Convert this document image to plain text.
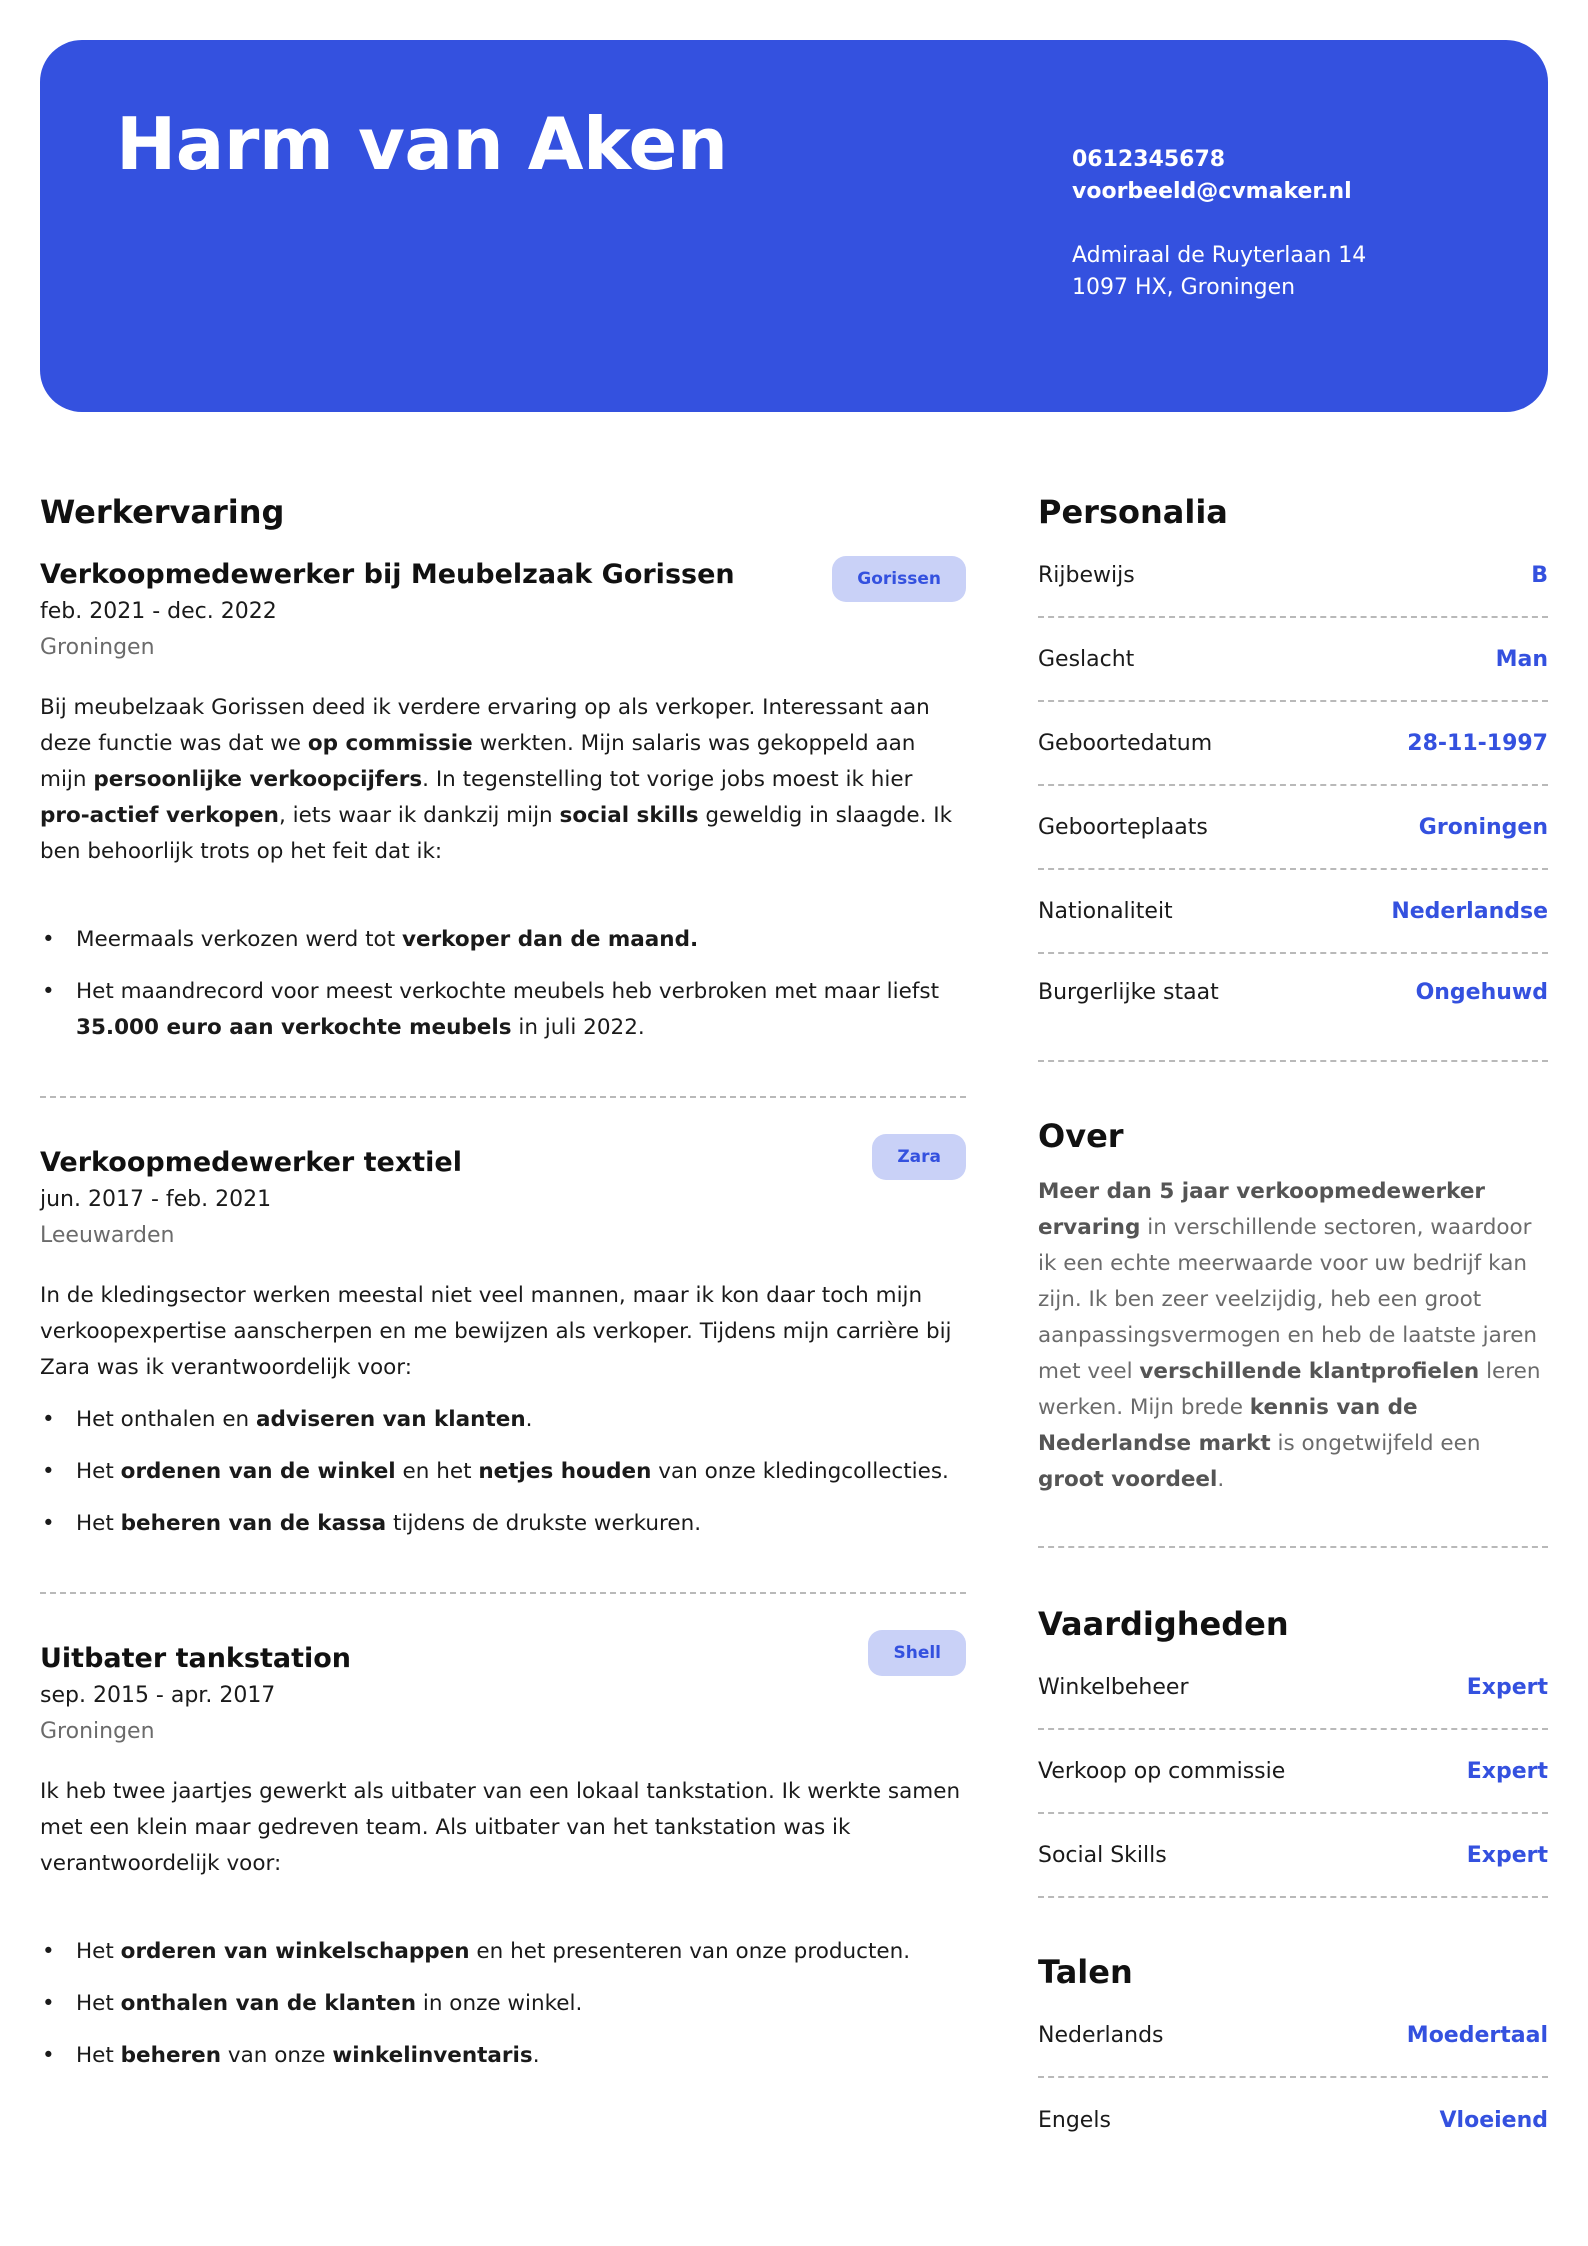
Harm van Aken	0612345678
voorbeeld@cvmaker.nl
Admiraal de Ruyterlaan 14
1097 HX, Groningen
Werkervaring
Verkoopmedewerker bij Meubelzaak Gorissen	Gorissen
feb. 2021 - dec. 2022
Groningen

Bij meubelzaak Gorissen deed ik verdere ervaring op als verkoper. Interessant aan deze functie was dat we op commissie werkten. Mijn salaris was gekoppeld aan mijn persoonlijke verkoopcijfers. In tegenstelling tot vorige jobs moest ik hier pro-actief verkopen, iets waar ik dankzij mijn social skills geweldig in slaagde. Ik ben behoorlijk trots op het feit dat ik:

• Meermaals verkozen werd tot verkoper dan de maand.
• Het maandrecord voor meest verkochte meubels heb verbroken met maar liefst 35.000 euro aan verkochte meubels in juli 2022.
Verkoopmedewerker textiel	Zara
jun. 2017 - feb. 2021
Leeuwarden

In de kledingsector werken meestal niet veel mannen, maar ik kon daar toch mijn verkoopexpertise aanscherpen en me bewijzen als verkoper. Tijdens mijn carrière bij Zara was ik verantwoordelijk voor:

• Het onthalen en adviseren van klanten.
• Het ordenen van de winkel en het netjes houden van onze kledingcollecties.
• Het beheren van de kassa tijdens de drukste werkuren.
Uitbater tankstation	Shell
sep. 2015 - apr. 2017
Groningen

Ik heb twee jaartjes gewerkt als uitbater van een lokaal tankstation. Ik werkte samen met een klein maar gedreven team. Als uitbater van het tankstation was ik verantwoordelijk voor:

• Het orderen van winkelschappen en het presenteren van onze producten.
• Het onthalen van de klanten in onze winkel.
• Het beheren van onze winkelinventaris.
Personalia
Rijbewijs	B
Geslacht	Man
Geboortedatum	28-11-1997
Geboorteplaats	Groningen
Nationaliteit	Nederlandse
Burgerlijke staat	Ongehuwd
Over

Meer dan 5 jaar verkoopmedewerker ervaring in verschillende sectoren, waardoor ik een echte meerwaarde voor uw bedrijf kan zijn. Ik ben zeer veelzijdig, heb een groot aanpassingsvermogen en heb de laatste jaren met veel verschillende klantprofielen leren werken. Mijn brede kennis van de Nederlandse markt is ongetwijfeld een groot voordeel.

Vaardigheden
Winkelbeheer	Expert
Verkoop op commissie	Expert
Social Skills	Expert
Talen
Nederlands	Moedertaal
Engels	Vloeiend
